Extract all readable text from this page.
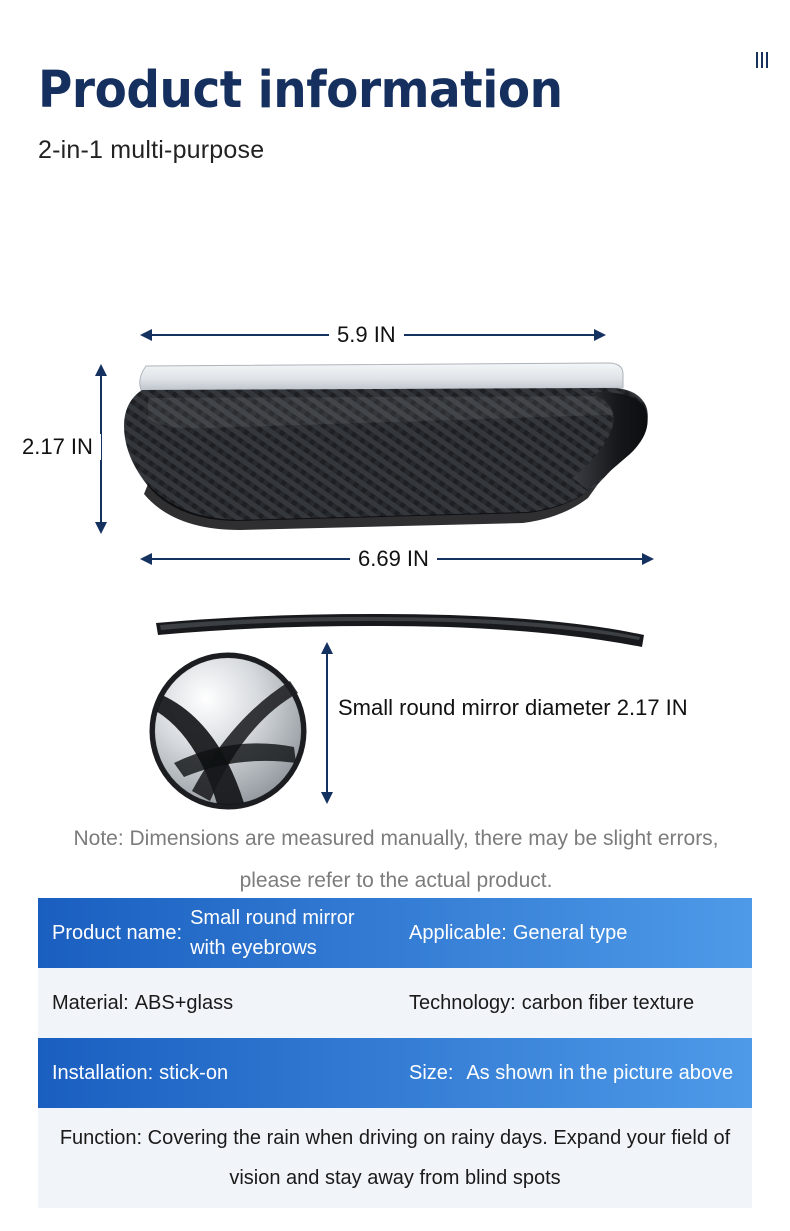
Product information
2-in-1 multi-purpose
5.9 IN
2.17 IN
6.69 IN
Small round mirror diameter 2.17 IN
Note: Dimensions are measured manually, there may be slight errors, please refer to the actual product.
Product name:
Small round mirror with eyebrows	Applicable: General type

Material: ABS+glass	Technology: carbon fiber texture

Installation: stick-on	Size: As shown in the picture above

Function: Covering the rain when driving on rainy days. Expand your field of vision and stay away from blind spots	
